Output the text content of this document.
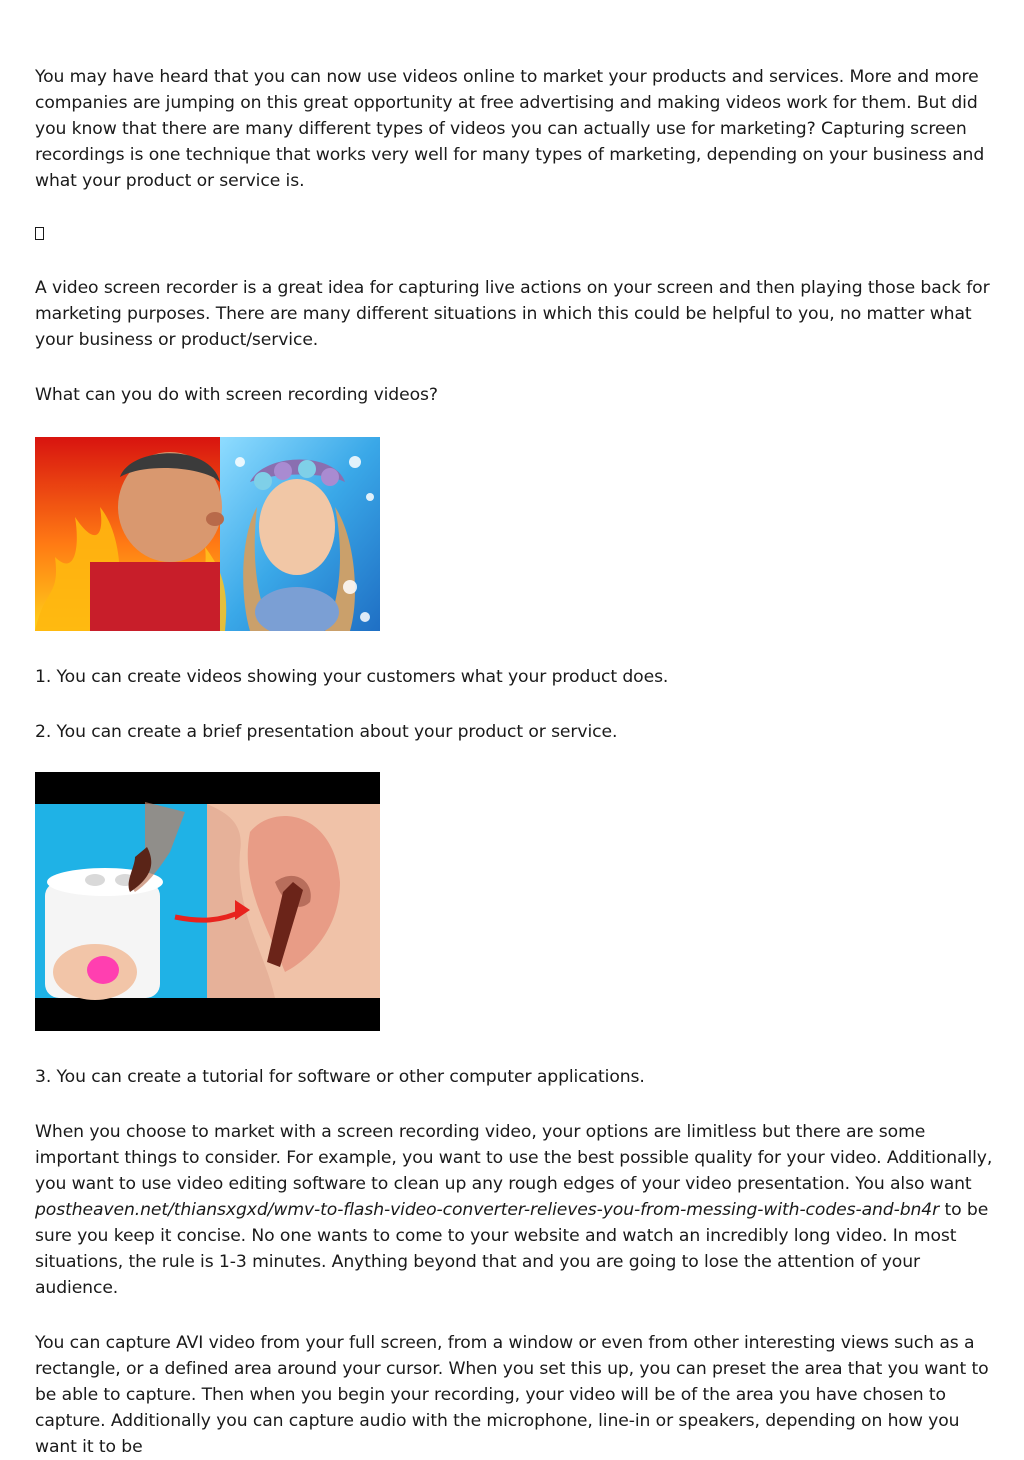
You may have heard that you can now use videos online to market your products and services. More and more companies are jumping on this great opportunity at free advertising and making videos work for them. But did you know that there are many different types of videos you can actually use for marketing? Capturing screen recordings is one technique that works very well for many types of marketing, depending on your business and what your product or service is.

A video screen recorder is a great idea for capturing live actions on your screen and then playing those back for marketing purposes. There are many different situations in which this could be helpful to you, no matter what your business or product/service.

What can you do with screen recording videos?

1. You can create videos showing your customers what your product does.

2. You can create a brief presentation about your product or service.

3. You can create a tutorial for software or other computer applications.

When you choose to market with a screen recording video, your options are limitless but there are some important things to consider. For example, you want to use the best possible quality for your video. Additionally, you want to use video editing software to clean up any rough edges of your video presentation. You also want postheaven.net/thiansxgxd/wmv-to-flash-video-converter-relieves-you-from-messing-with-codes-and-bn4r to be sure you keep it concise. No one wants to come to your website and watch an incredibly long video. In most situations, the rule is 1-3 minutes. Anything beyond that and you are going to lose the attention of your audience.

You can capture AVI video from your full screen, from a window or even from other interesting views such as a rectangle, or a defined area around your cursor. When you set this up, you can preset the area that you want to be able to capture. Then when you begin your recording, your video will be of the area you have chosen to capture. Additionally you can capture audio with the microphone, line-in or speakers, depending on how you want it to be
